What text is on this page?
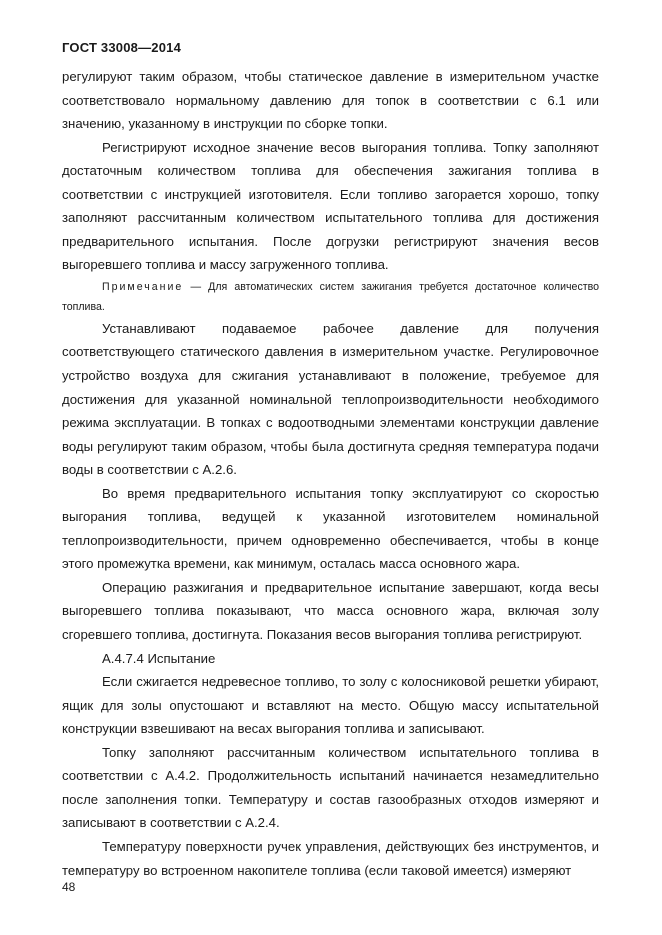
ГОСТ 33008—2014

регулируют таким образом, чтобы статическое давление в измерительном участке соответствовало нормальному давлению для топок в соответствии с 6.1 или значению, указанному в инструкции по сборке топки.

Регистрируют исходное значение весов выгорания топлива. Топку заполняют достаточным количеством топлива для обеспечения зажигания топлива в соответствии с инструкцией изготовителя. Если топливо загорается хорошо, топку заполняют рассчитанным количеством испытательного топлива для достижения предварительного испытания. После догрузки регистрируют значения весов выгоревшего топлива и массу загруженного топлива.

Примечание — Для автоматических систем зажигания требуется достаточное количество топлива.

Устанавливают подаваемое рабочее давление для получения соответствующего статического давления в измерительном участке. Регулировочное устройство воздуха для сжигания устанавливают в положение, требуемое для достижения для указанной номинальной теплопроизводительности необходимого режима эксплуатации. В топках с водоотводными элементами конструкции давление воды регулируют таким образом, чтобы была достигнута средняя температура подачи воды в соответствии с А.2.6.

Во время предварительного испытания топку эксплуатируют со скоростью выгорания топлива, ведущей к указанной изготовителем номинальной теплопроизводительности, причем одновременно обеспечивается, чтобы в конце этого промежутка времени, как минимум, осталась масса основного жара.

Операцию разжигания и предварительное испытание завершают, когда весы выгоревшего топлива показывают, что масса основного жара, включая золу сгоревшего топлива, достигнута. Показания весов выгорания топлива регистрируют.

А.4.7.4 Испытание

Если сжигается недревесное топливо, то золу с колосниковой решетки убирают, ящик для золы опустошают и вставляют на место. Общую массу испытательной конструкции взвешивают на весах выгорания топлива и записывают.

Топку заполняют рассчитанным количеством испытательного топлива в соответствии с А.4.2. Продолжительность испытаний начинается незамедлительно после заполнения топки. Температуру и состав газообразных отходов измеряют и записывают в соответствии с А.2.4.

Температуру поверхности ручек управления, действующих без инструментов, и температуру во встроенном накопителе топлива (если таковой имеется) измеряют

48
